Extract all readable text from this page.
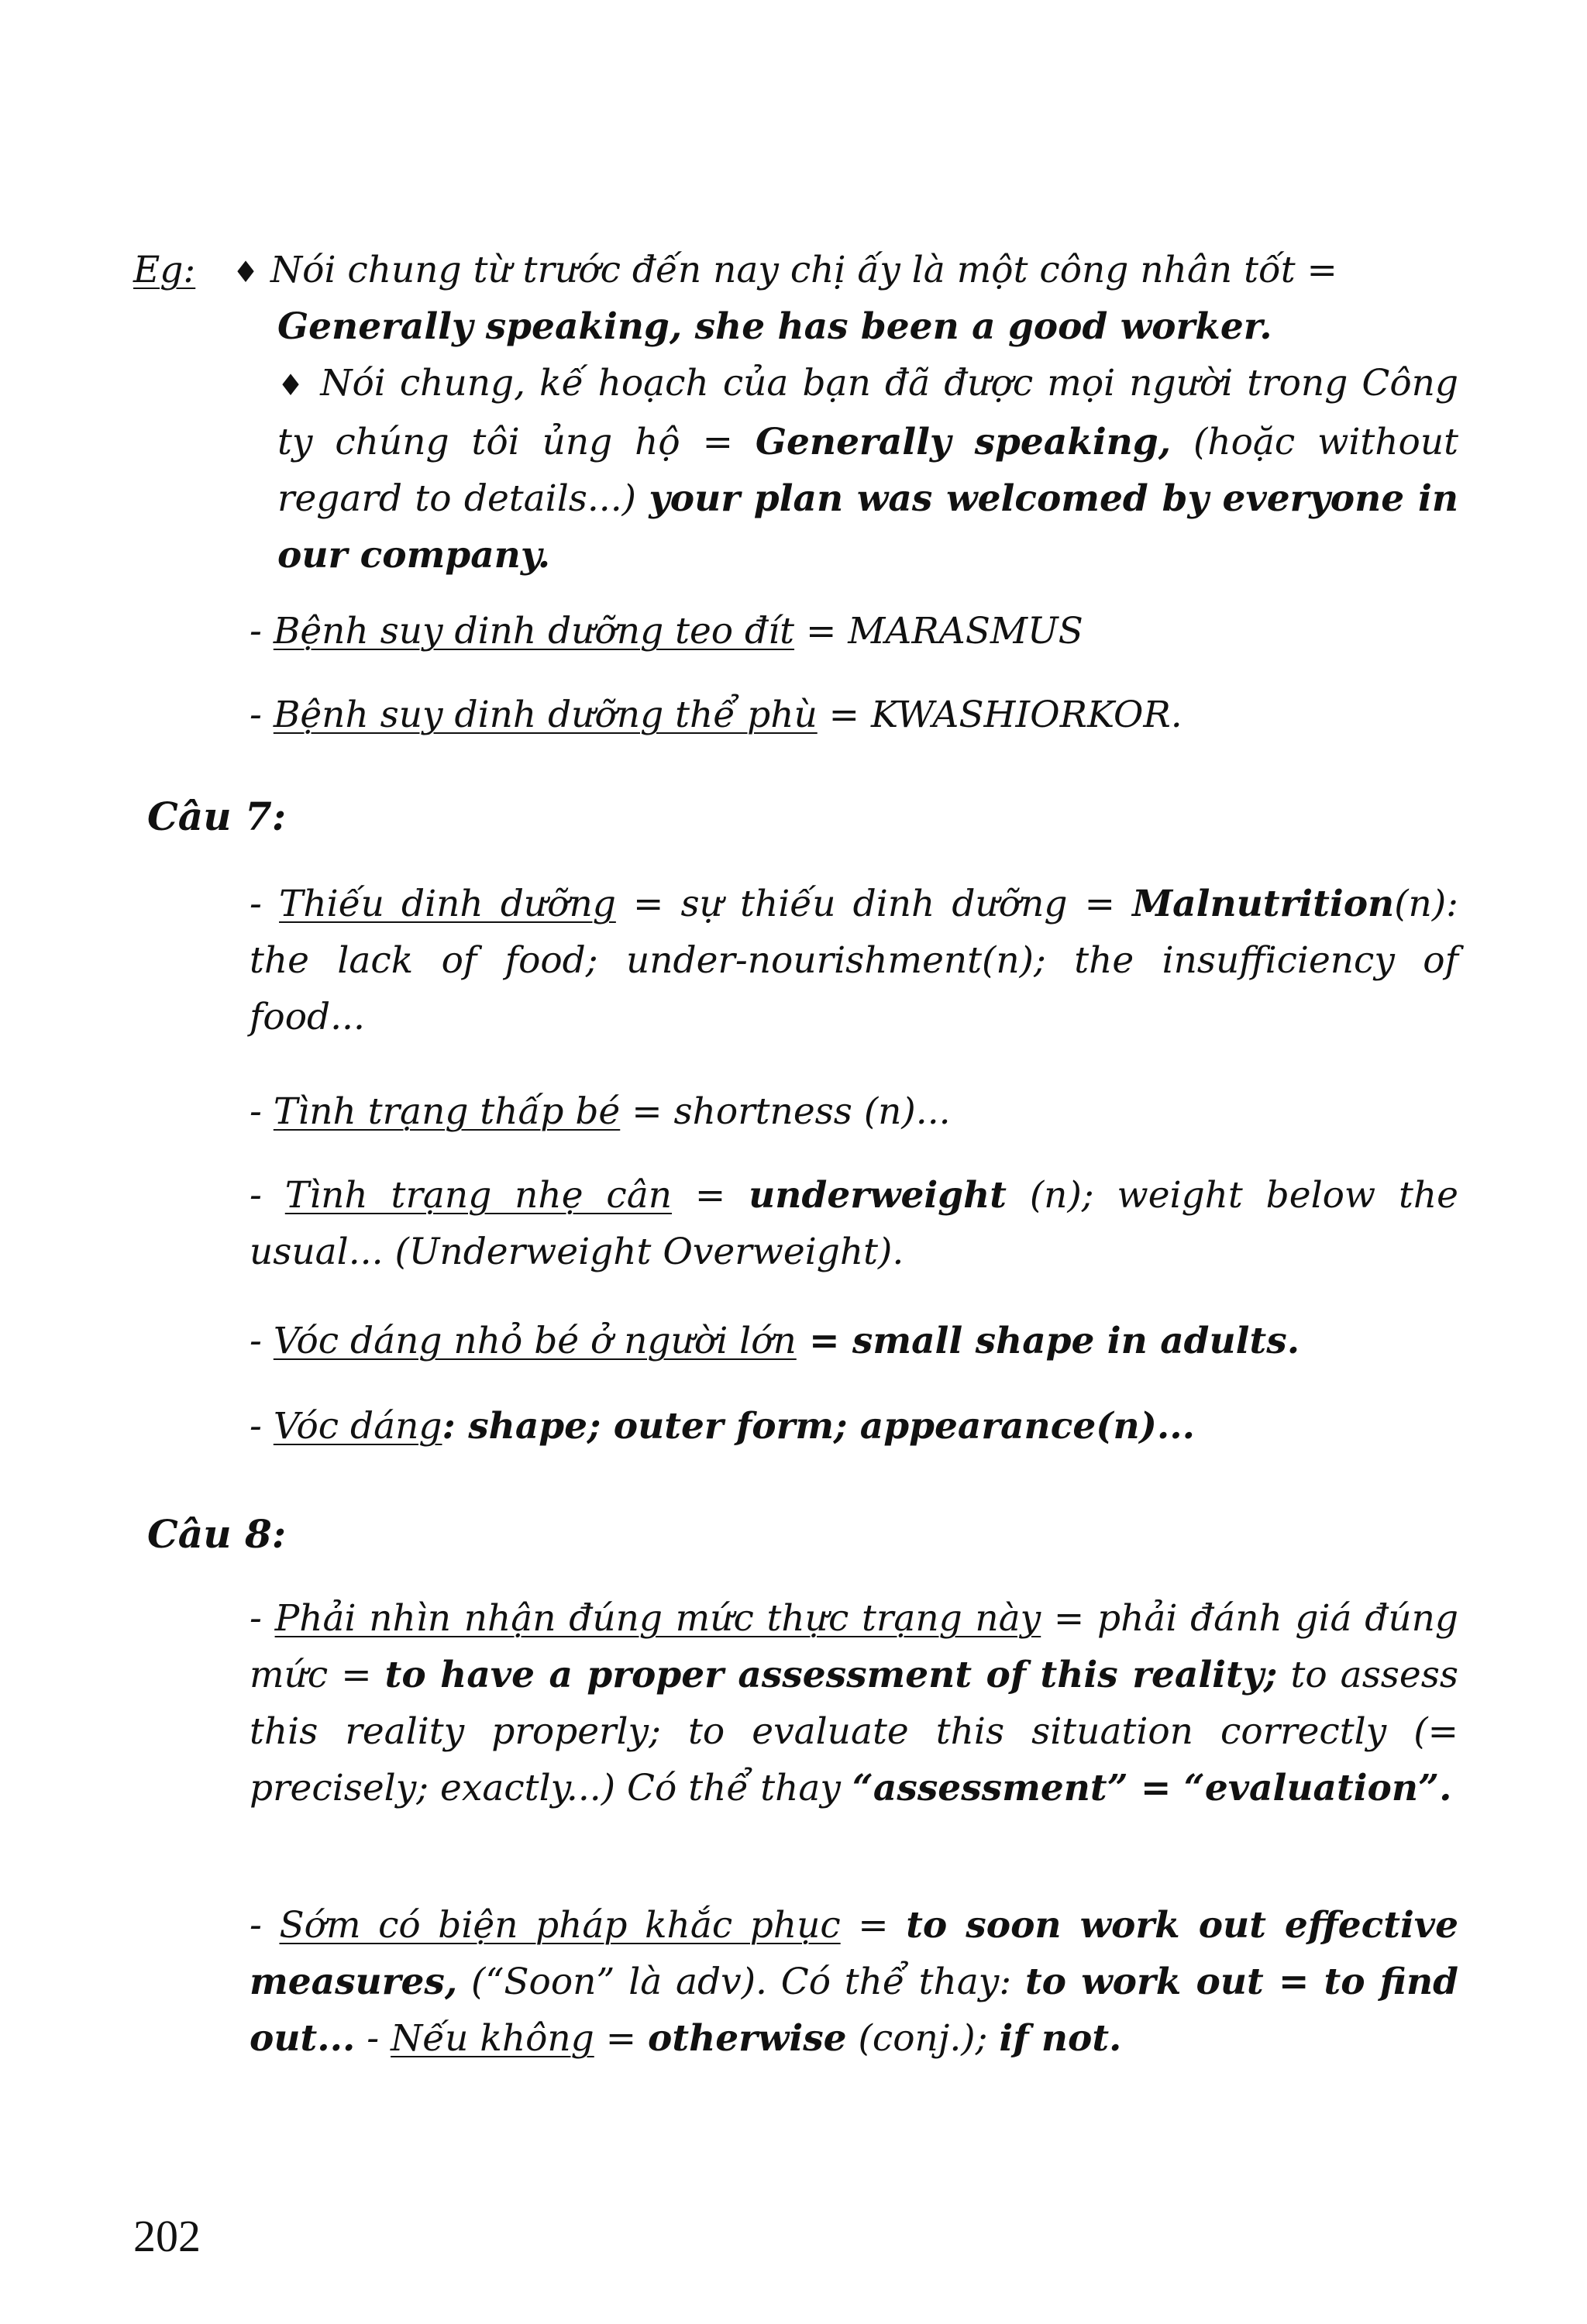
Eg: ♦ Nói chung từ trước đến nay chị ấy là một công nhân tốt =
Generally speaking, she has been a good worker.
♦ Nói chung, kế hoạch của bạn đã được mọi người trong Công ty chúng tôi ủng hộ = Generally speaking, (hoặc without regard to details...) your plan was welcomed by everyone in our company.
- Bệnh suy dinh dưỡng teo đít = MARASMUS
- Bệnh suy dinh dưỡng thể phù = KWASHIORKOR.
Câu 7:
- Thiếu dinh dưỡng = sự thiếu dinh dưỡng = Malnutrition(n): the lack of food; under-nourishment(n); the insufficiency of food...
- Tình trạng thấp bé = shortness (n)...
- Tình trạng nhẹ cân = underweight (n); weight below the usual... (Underweight Overweight).
- Vóc dáng nhỏ bé ở người lớn = small shape in adults.
- Vóc dáng: shape; outer form; appearance(n)...
Câu 8:
- Phải nhìn nhận đúng mức thực trạng này = phải đánh giá đúng mức = to have a proper assessment of this reality; to assess this reality properly; to evaluate this situation correctly (= precisely; exactly...) Có thể thay “assessment” = “evaluation”.
- Sớm có biện pháp khắc phục = to soon work out effective measures, (“Soon” là adv). Có thể thay: to work out = to find out... - Nếu không = otherwise (conj.); if not.
202
